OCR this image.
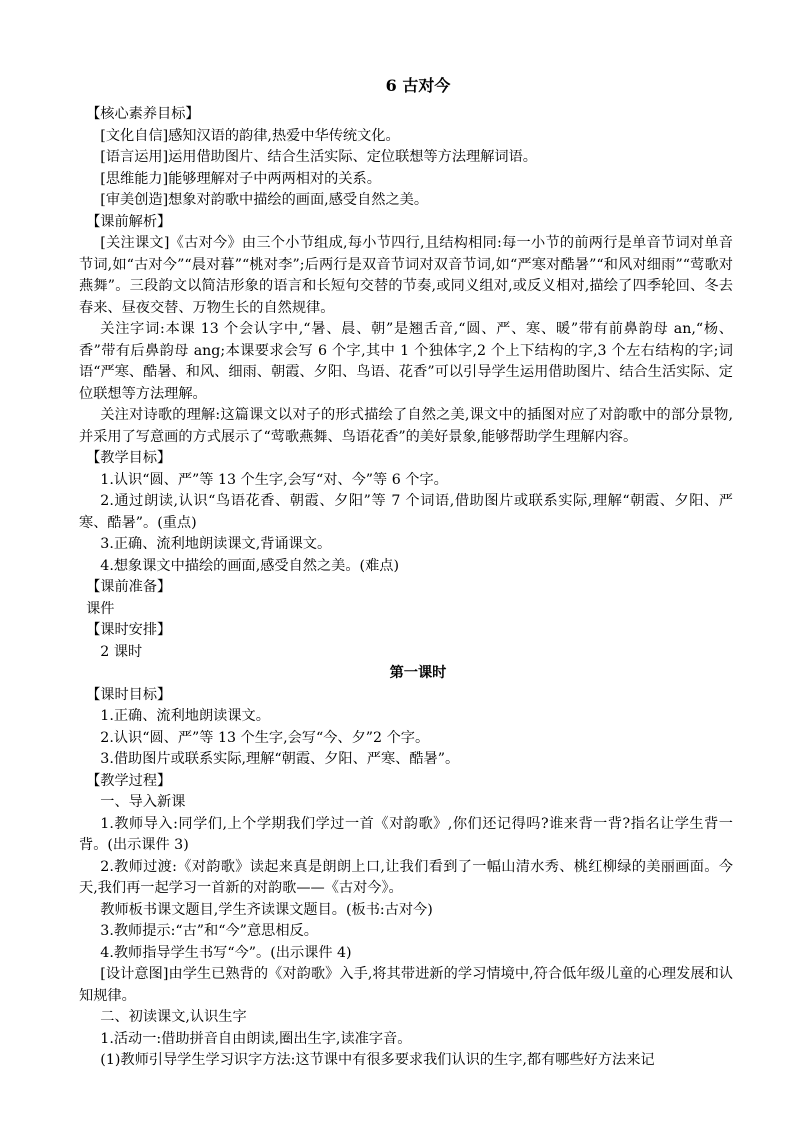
6 古对今
【核心素养目标】
[文化自信]感知汉语的韵律,热爱中华传统文化。
[语言运用]运用借助图片、结合生活实际、定位联想等方法理解词语。
[思维能力]能够理解对子中两两相对的关系。
[审美创造]想象对韵歌中描绘的画面,感受自然之美。
【课前解析】
[关注课文]《古对今》由三个小节组成,每小节四行,且结构相同:每一小节的前两行是单音节词对单音节词,如“古对今”“晨对暮”“桃对李”;后两行是双音节词对双音节词,如“严寒对酷暑”“和风对细雨”“莺歌对燕舞”。三段韵文以简洁形象的语言和长短句交替的节奏,或同义组对,或反义相对,描绘了四季轮回、冬去春来、昼夜交替、万物生长的自然规律。
关注字词:本课 13 个会认字中,“暑、晨、朝”是翘舌音,“圆、严、寒、暖”带有前鼻韵母 an,“杨、香”带有后鼻韵母 ang;本课要求会写 6 个字,其中 1 个独体字,2 个上下结构的字,3 个左右结构的字;词语“严寒、酷暑、和风、细雨、朝霞、夕阳、鸟语、花香”可以引导学生运用借助图片、结合生活实际、定位联想等方法理解。
关注对诗歌的理解:这篇课文以对子的形式描绘了自然之美,课文中的插图对应了对韵歌中的部分景物,并采用了写意画的方式展示了“莺歌燕舞、鸟语花香”的美好景象,能够帮助学生理解内容。
【教学目标】
1.认识“圆、严”等 13 个生字,会写“对、今”等 6 个字。
2.通过朗读,认识“鸟语花香、朝霞、夕阳”等 7 个词语,借助图片或联系实际,理解“朝霞、夕阳、严寒、酷暑”。(重点)
3.正确、流利地朗读课文,背诵课文。
4.想象课文中描绘的画面,感受自然之美。(难点)
【课前准备】
课件
【课时安排】
2 课时
第一课时
【课时目标】
1.正确、流利地朗读课文。
2.认识“圆、严”等 13 个生字,会写“今、夕”2 个字。
3.借助图片或联系实际,理解“朝霞、夕阳、严寒、酷暑”。
【教学过程】
一、导入新课
1.教师导入:同学们,上个学期我们学过一首《对韵歌》,你们还记得吗?谁来背一背?指名让学生背一背。(出示课件 3)
2.教师过渡:《对韵歌》读起来真是朗朗上口,让我们看到了一幅山清水秀、桃红柳绿的美丽画面。今天,我们再一起学习一首新的对韵歌——《古对今》。
教师板书课文题目,学生齐读课文题目。(板书:古对今)
3.教师提示:“古”和“今”意思相反。
4.教师指导学生书写“今”。(出示课件 4)
[设计意图]由学生已熟背的《对韵歌》入手,将其带进新的学习情境中,符合低年级儿童的心理发展和认知规律。
二、初读课文,认识生字
1.活动一:借助拼音自由朗读,圈出生字,读准字音。
(1)教师引导学生学习识字方法:这节课中有很多要求我们认识的生字,都有哪些好方法来记
